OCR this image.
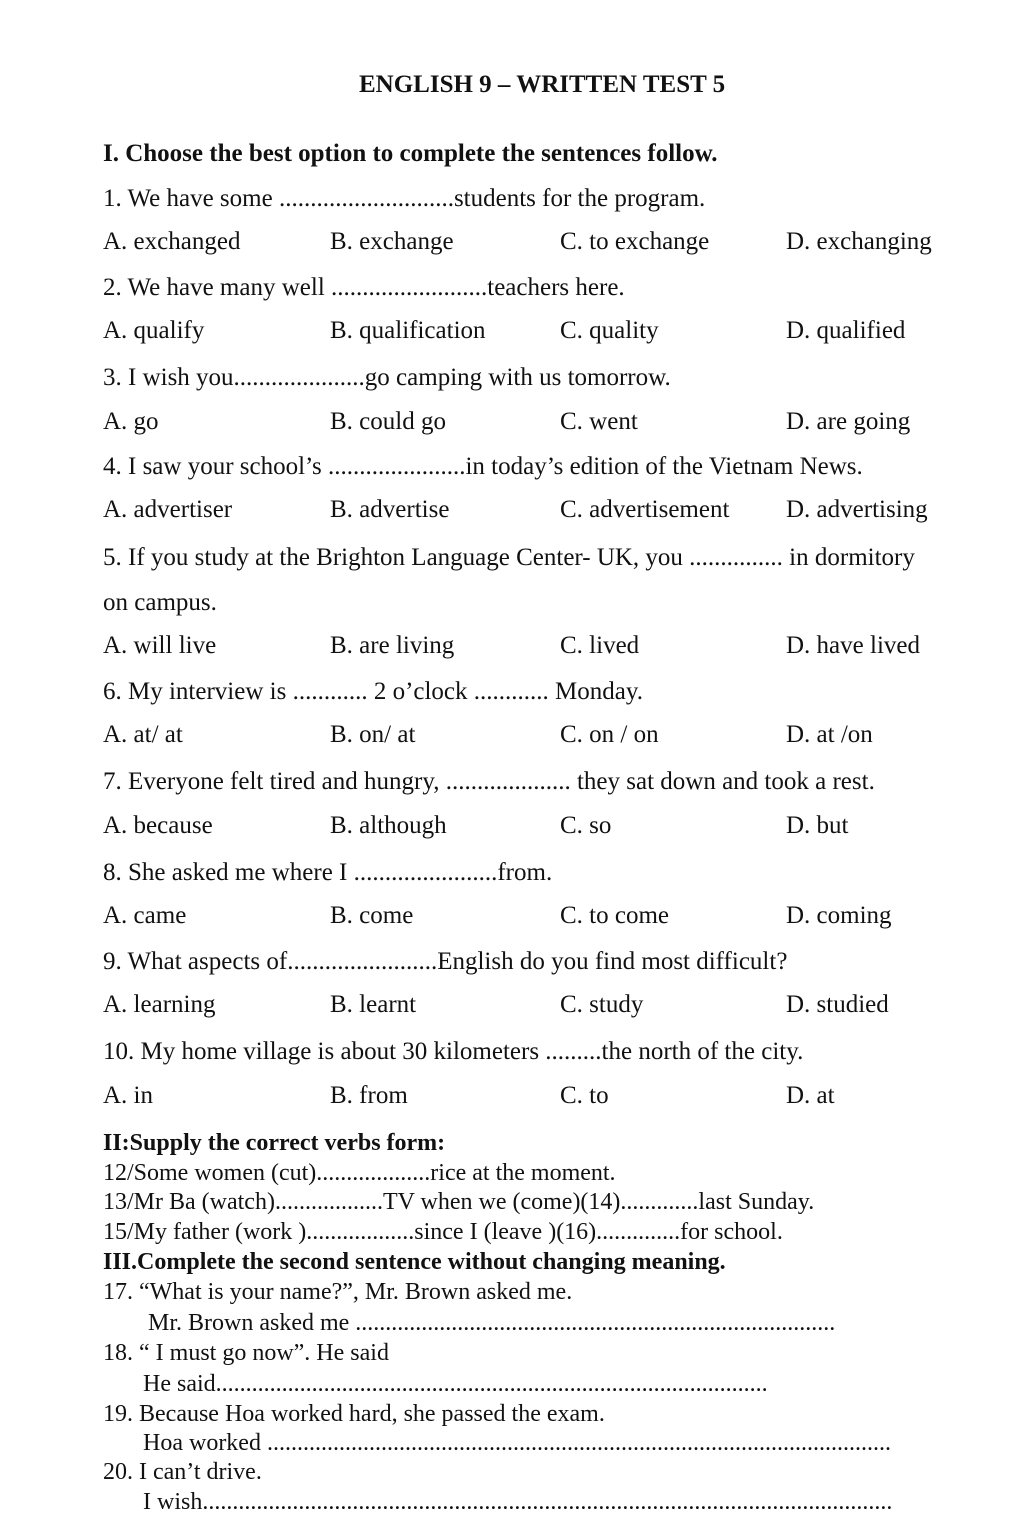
ENGLISH 9 – WRITTEN TEST 5
I. Choose the best option to complete the sentences follow.
1. We have some ............................students for the program.
A. exchanged	B. exchange	C. to exchange	D. exchanging
2. We have many well .........................teachers here.
A. qualify	B. qualification	C. quality	D. qualified
3. I wish you.....................go camping with us tomorrow.
A. go	B. could go	C. went	D. are going
4. I saw your school’s ......................in today’s edition of the Vietnam News.
A. advertiser	B. advertise	C. advertisement D. advertising
5. If you study at the Brighton Language Center- UK, you ............... in dormitory
on campus.
A. will live	B. are living	C. lived	D. have lived
6. My interview is ............ 2 o’clock ............ Monday.
A. at/ at	B. on/ at	C. on / on	D. at /on
7. Everyone felt tired and hungry, .................... they sat down and took a rest.
A. because	B. although	C. so	D. but
8. She asked me where I .......................from.
A. came	B. come	C. to come	D. coming
9. What aspects of........................English do you find most difficult?
A. learning	B. learnt	C. study	D. studied
10. My home village is about 30 kilometers .........the north of the city.
A. in	B. from	C. to	D. at
II:Supply the correct verbs form:
12/Some women (cut)...................rice at the moment.
13/Mr Ba (watch)..................TV when we (come)(14).............last Sunday.
15/My father (work )..................since I (leave )(16)..............for school.
III.Complete the second sentence without changing meaning.
17. “What is your name?”, Mr. Brown asked me.
Mr. Brown asked me ................................................................................
18. “ I must go now”. He said
He said............................................................................................
19. Because Hoa worked hard, she passed the exam.
Hoa worked ........................................................................................................
20. I can’t drive.
I wish...................................................................................................................
